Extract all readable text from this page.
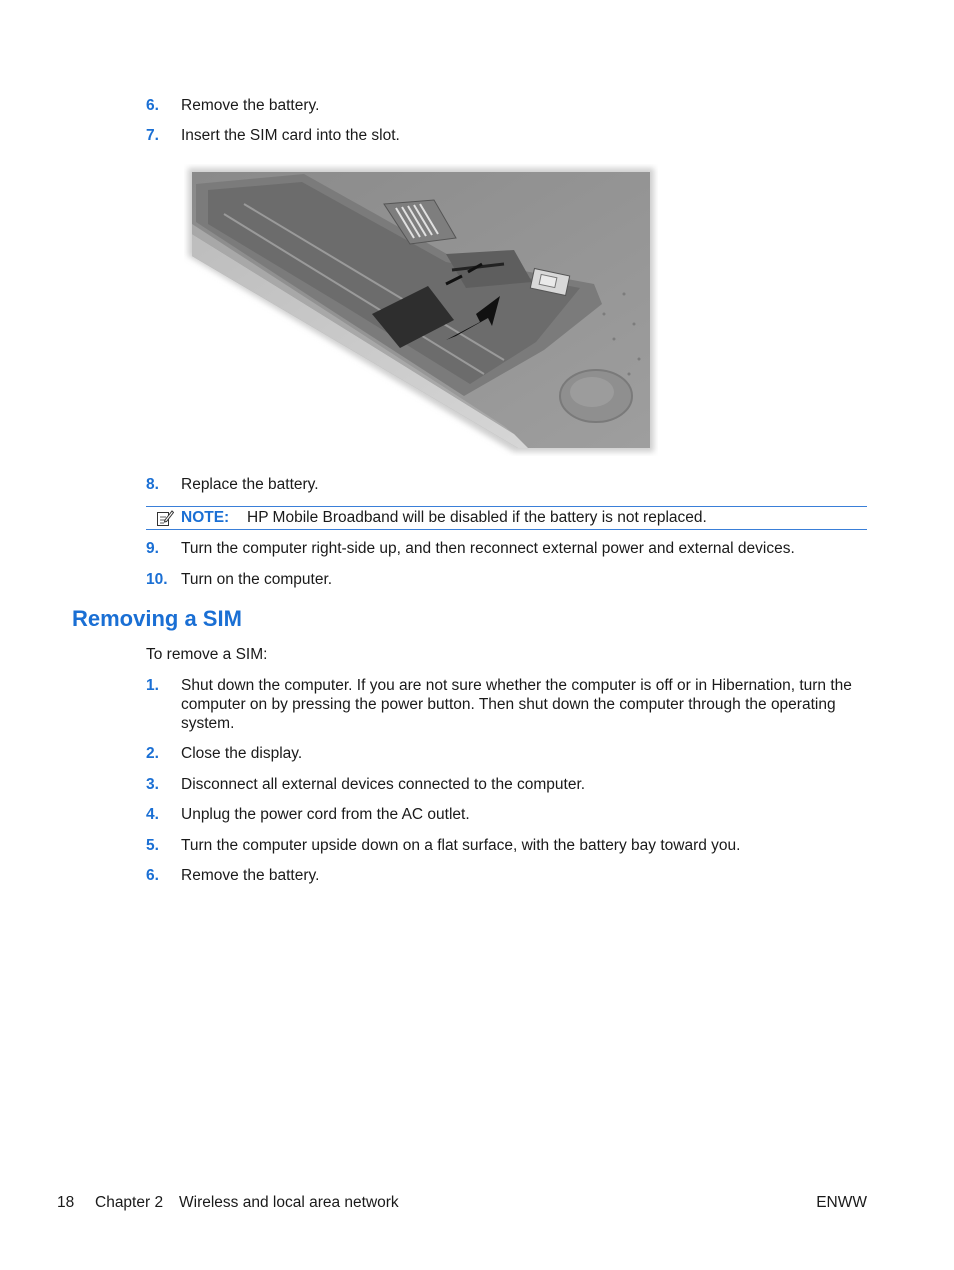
6. Remove the battery.
7. Insert the SIM card into the slot.
8. Replace the battery.
NOTE: HP Mobile Broadband will be disabled if the battery is not replaced.
9. Turn the computer right-side up, and then reconnect external power and external devices.
10. Turn on the computer.
Removing a SIM
To remove a SIM:
1. Shut down the computer. If you are not sure whether the computer is off or in Hibernation, turn the computer on by pressing the power button. Then shut down the computer through the operating system.
2. Close the display.
3. Disconnect all external devices connected to the computer.
4. Unplug the power cord from the AC outlet.
5. Turn the computer upside down on a flat surface, with the battery bay toward you.
6. Remove the battery.
18 Chapter 2 Wireless and local area network	ENWW
